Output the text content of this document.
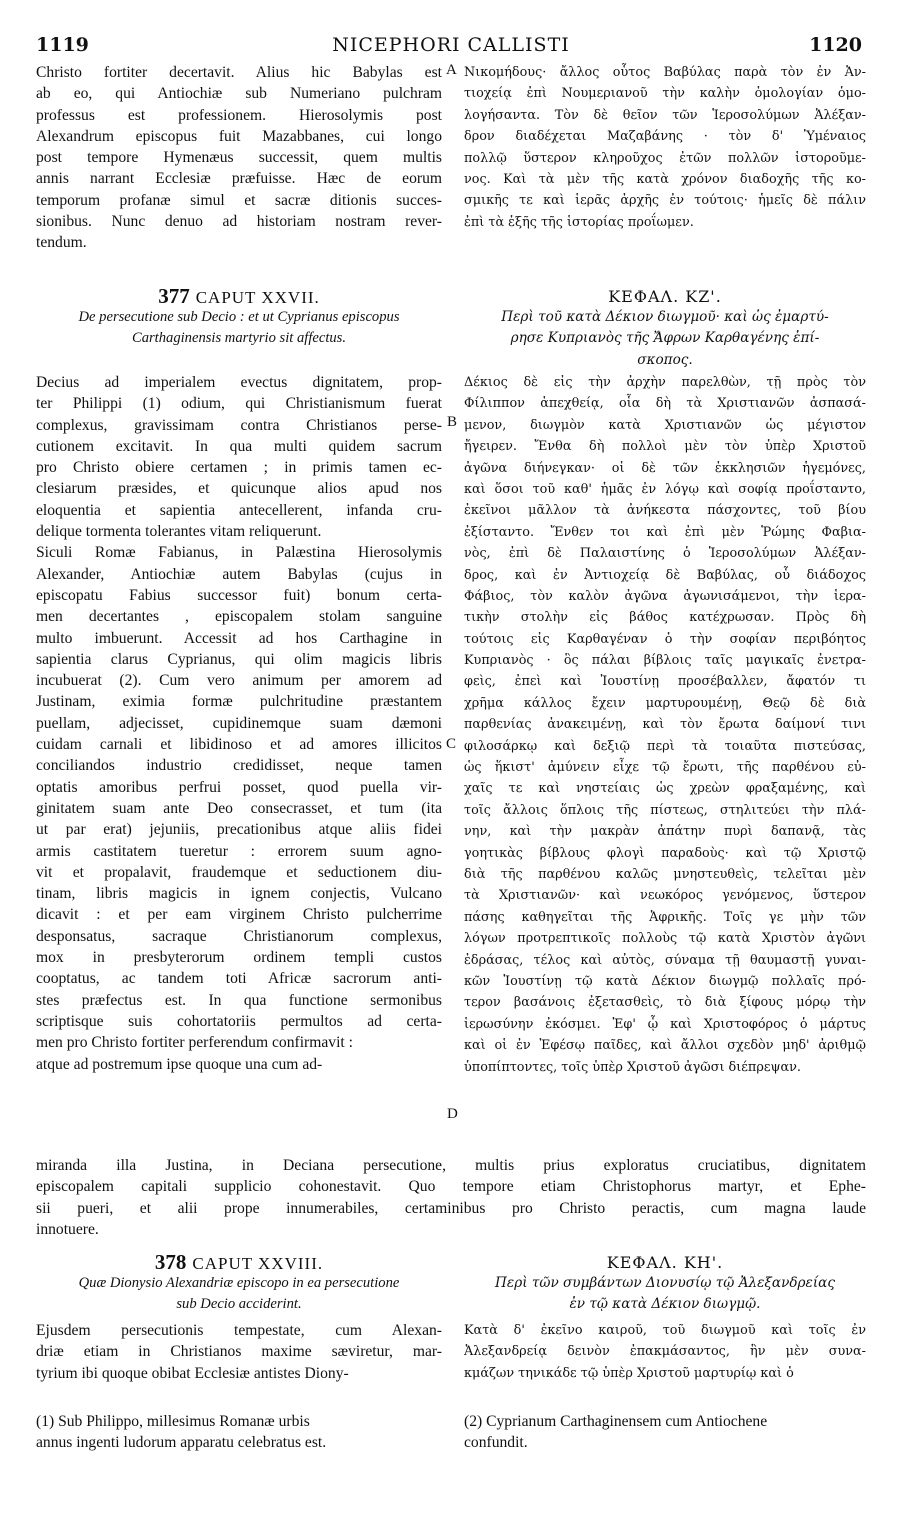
1119	NICEPHORI CALLISTI	1120
Christo fortiter decertavit. Alius hic Babylas est
ab eo, qui Antiochiæ sub Numeriano pulchram
professus est professionem. Hierosolymis post
Alexandrum episcopus fuit Mazabbanes, cui longo
post tempore Hymenæus successit, quem multis
annis narrant Ecclesiæ præfuisse. Hæc de eorum
temporum profanæ simul et sacræ ditionis succes-
sionibus. Nunc denuo ad historiam nostram rever-
tendum.
Νικομήδους· ἄλλος οὗτος Βαβύλας παρὰ τὸν ἐν Ἀν-
τιοχείᾳ ἐπὶ Νουμεριανοῦ τὴν καλὴν ὁμολογίαν ὁμο-
λογήσαντα. Τὸν δὲ θεῖον τῶν Ἱεροσολύμων Ἀλέξαν-
δρον διαδέχεται Μαζαβάνης · τὸν δ' Ὑμέναιος
πολλῷ ὕστερον κληροῦχος ἐτῶν πολλῶν ἱστοροῦμε-
νος. Καὶ τὰ μὲν τῆς κατὰ χρόνον διαδοχῆς τῆς κο-
σμικῆς τε καὶ ἱερᾶς ἀρχῆς ἐν τούτοις· ἡμεῖς δὲ πάλιν
ἐπὶ τὰ ἑξῆς τῆς ἱστορίας προΐωμεν.
A
377 CAPUT XXVII.
De persecutione sub Decio : et ut Cyprianus episcopus
Carthaginensis martyrio sit affectus.
ΚΕΦΑΛ. ΚΖ'.
Περὶ τοῦ κατὰ Δέκιον διωγμοῦ· καὶ ὡς ἐμαρτύ-
ρησε Κυπριανὸς τῆς Ἄφρων Καρθαγένης ἐπί-
σκοπος.
Decius ad imperialem evectus dignitatem, prop-
ter Philippi (1) odium, qui Christianismum fuerat
complexus, gravissimam contra Christianos perse-
cutionem excitavit. In qua multi quidem sacrum
pro Christo obiere certamen ; in primis tamen ec-
clesiarum præsides, et quicunque alios apud nos
eloquentia et sapientia antecellerent, infanda cru-
delique tormenta tolerantes vitam reliquerunt.
Siculi Romæ Fabianus, in Palæstina Hierosolymis
Alexander, Antiochiæ autem Babylas (cujus in
episcopatu Fabius successor fuit) bonum certa-
men decertantes , episcopalem stolam sanguine
multo imbuerunt. Accessit ad hos Carthagine in
sapientia clarus Cyprianus, qui olim magicis libris
incubuerat (2). Cum vero animum per amorem ad
Justinam, eximia formæ pulchritudine præstantem
puellam, adjecisset, cupidinemque suam dæmoni
cuidam carnali et libidinoso et ad amores illicitos
conciliandos industrio credidisset, neque tamen
optatis amoribus perfrui posset, quod puella vir-
ginitatem suam ante Deo consecrasset, et tum (ita
ut par erat) jejuniis, precationibus atque aliis fidei
armis castitatem tueretur : errorem suum agno-
vit et propalavit, fraudemque et seductionem diu-
tinam, libris magicis in ignem conjectis, Vulcano
dicavit : et per eam virginem Christo pulcherrime
desponsatus, sacraque Christianorum complexus,
mox in presbyterorum ordinem templi custos
cooptatus, ac tandem toti Africæ sacrorum anti-
stes præfectus est. In qua functione sermonibus
scriptisque suis cohortatoriis permultos ad certa-
men pro Christo fortiter perferendum confirmavit :
atque ad postremum ipse quoque una cum ad-
Δέκιος δὲ εἰς τὴν ἀρχὴν παρελθὼν, τῇ πρὸς τὸν
Φίλιππον ἀπεχθείᾳ, οἷα δὴ τὰ Χριστιανῶν ἀσπασά-
μενον, διωγμὸν κατὰ Χριστιανῶν ὡς μέγιστον
ἤγειρεν. Ἔνθα δὴ πολλοὶ μὲν τὸν ὑπὲρ Χριστοῦ
ἀγῶνα διήνεγκαν· οἱ δὲ τῶν ἐκκλησιῶν ἡγεμόνες,
καὶ ὅσοι τοῦ καθ' ἡμᾶς ἐν λόγῳ καὶ σοφίᾳ προΐσταντο,
ἐκεῖνοι μᾶλλον τὰ ἀνήκεστα πάσχοντες, τοῦ βίου
ἐξίσταντο. Ἔνθεν τοι καὶ ἐπὶ μὲν Ῥώμης Φαβια-
νὸς, ἐπὶ δὲ Παλαιστίνης ὁ Ἱεροσολύμων Ἀλέξαν-
δρος, καὶ ἐν Ἀντιοχείᾳ δὲ Βαβύλας, οὗ διάδοχος
Φάβιος, τὸν καλὸν ἀγῶνα ἀγωνισάμενοι, τὴν ἱερα-
τικὴν στολὴν εἰς βάθος κατέχρωσαν. Πρὸς δὴ
τούτοις εἰς Καρθαγέναν ὁ τὴν σοφίαν περιβόητος
Κυπριανὸς · ὃς πάλαι βίβλοις ταῖς μαγικαῖς ἐνετρα-
φεὶς, ἐπεὶ καὶ Ἰουστίνῃ προσέβαλλεν, ἄφατόν τι
χρῆμα κάλλος ἔχειν μαρτυρουμένῃ, Θεῷ δὲ διὰ
παρθενίας ἀνακειμένῃ, καὶ τὸν ἔρωτα δαίμονί τινι
φιλοσάρκῳ καὶ δεξιῷ περὶ τὰ τοιαῦτα πιστεύσας,
ὡς ἥκιστ' ἀμύνειν εἶχε τῷ ἔρωτι, τῆς παρθένου εὐ-
χαῖς τε καὶ νηστείαις ὡς χρεὼν φραξαμένης, καὶ
τοῖς ἄλλοις ὅπλοις τῆς πίστεως, στηλιτεύει τὴν πλά-
νην, καὶ τὴν μακρὰν ἀπάτην πυρὶ δαπανᾷ, τὰς
γοητικὰς βίβλους φλογὶ παραδοὺς· καὶ τῷ Χριστῷ
διὰ τῆς παρθένου καλῶς μνηστευθεὶς, τελεῖται μὲν
τὰ Χριστιανῶν· καὶ νεωκόρος γενόμενος, ὕστερον
πάσης καθηγεῖται τῆς Ἀφρικῆς. Τοῖς γε μὴν τῶν
λόγων προτρεπτικοῖς πολλοὺς τῷ κατὰ Χριστὸν ἀγῶνι
ἐδράσας, τέλος καὶ αὐτὸς, σύναμα τῇ θαυμαστῇ γυναι-
κῶν Ἰουστίνῃ τῷ κατὰ Δέκιον διωγμῷ πολλαῖς πρό-
τερον βασάνοις ἐξετασθεὶς, τὸ διὰ ξίφους μόρῳ τὴν
ἱερωσύνην ἐκόσμει. Ἐφ' ᾧ καὶ Χριστοφόρος ὁ μάρτυς
καὶ οἱ ἐν Ἐφέσῳ παῖδες, καὶ ἄλλοι σχεδὸν μηδ' ἀριθμῷ
ὑποπίπτοντες, τοῖς ὑπὲρ Χριστοῦ ἀγῶσι διέπρεψαν.
B
C
D
miranda illa Justina, in Deciana persecutione, multis prius exploratus cruciatibus, dignitatem
episcopalem capitali supplicio cohonestavit. Quo tempore etiam Christophorus martyr, et Ephe-
sii pueri, et alii prope innumerabiles, certaminibus pro Christo peractis, cum magna laude
innotuere.
378 CAPUT XXVIII.
Quæ Dionysio Alexandriæ episcopo in ea persecutione
sub Decio acciderint.
ΚΕΦΑΛ. ΚΗ'.
Περὶ τῶν συμβάντων Διονυσίῳ τῷ Ἀλεξανδρείας
ἐν τῷ κατὰ Δέκιον διωγμῷ.
Ejusdem persecutionis tempestate, cum Alexan-
driæ etiam in Christianos maxime sæviretur, mar-
tyrium ibi quoque obibat Ecclesiæ antistes Diony-
Κατὰ δ' ἐκεῖνο καιροῦ, τοῦ διωγμοῦ καὶ τοῖς ἐν
Ἀλεξανδρείᾳ δεινὸν ἐπακμάσαντος, ἣν μὲν συνα-
κμάζων τηνικάδε τῷ ὑπὲρ Χριστοῦ μαρτυρίῳ καὶ ὁ
(1) Sub Philippo, millesimus Romanæ urbis
annus ingenti ludorum apparatu celebratus est.
(2) Cyprianum Carthaginensem cum Antiochene
confundit.
